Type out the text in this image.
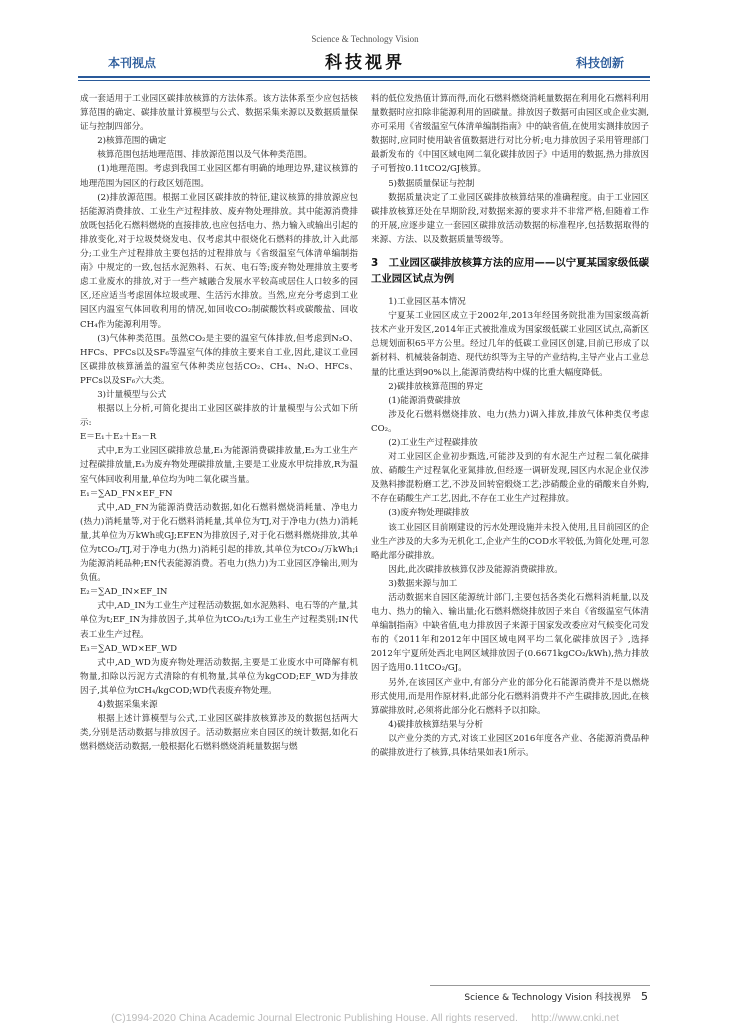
Science & Technology Vision
本刊视点	科技视界	科技创新

成一套适用于工业园区碳排放核算的方法体系。该方法体系至少应包括核算范围的确定、碳排放量计算模型与公式、数据采集来源以及数据质量保证与控制四部分。

2)核算范围的确定

核算范围包括地理范围、排放源范围以及气体种类范围。

(1)地理范围。考虑到我国工业园区都有明确的地理边界,建议核算的地理范围为园区的行政区划范围。

(2)排放源范围。根据工业园区碳排放的特征,建议核算的排放源应包括能源消费排放、工业生产过程排放、废弃物处理排放。其中能源消费排放既包括化石燃料燃烧的直接排放,也应包括电力、热力输入或输出引起的排放变化,对于垃圾焚烧发电、仅考虑其中很烧化石燃料的排放,计入此部分;工业生产过程排放主要包括的过程排放与《省级温室气体清单编制指南》中规定的一致,包括水泥熟料、石灰、电石等;废弃物处理排放主要考虑工业废水的排放,对于一些产城融合发展水平较高或居住人口较多的园区,还应适当考虑固体垃圾或理、生活污水排放。当然,应充分考虑到工业园区内温室气体回收利用的情况,如回收CO₂制碳酸饮料或碳酸盐、回收CH₄作为能源利用等。

(3)气体种类范围。虽然CO₂是主要的温室气体排放,但考虑到N₂O、HFCs、PFCs以及SF₆等温室气体的排放主要来自工业,因此,建议工业园区碳排放核算涵盖的温室气体种类应包括CO₂、CH₄、N₂O、HFCs、PFCs以及SF₆六大类。

3)计量模型与公式

根据以上分析,可简化提出工业园区碳排放的计量模型与公式如下所示:

E＝E₁＋E₂＋E₃－R

式中,E为工业园区碳排放总量,E₁为能源消费碳排放量,E₂为工业生产过程碳排放量,E₃为废弃物处理碳排放量,主要是工业废水甲烷排放,R为温室气体回收利用量,单位均为吨二氧化碳当量。

E₁＝∑AD_FN×EF_FN

式中,AD_FN为能源消费活动数据,如化石燃料燃烧消耗量、净电力(热力)消耗量等,对于化石燃料消耗量,其单位为TJ,对于净电力(热力)消耗量,其单位为万kWh或GJ;EFEN为排放因子,对于化石燃料燃烧排放,其单位为tCO₂/TJ,对于净电力(热力)消耗引起的排放,其单位为tCO₂/万kWh;i为能源消耗品种;EN代表能源消费。若电力(热力)为工业园区净输出,则为负值。

E₂＝∑AD_IN×EF_IN

式中,AD_IN为工业生产过程活动数据,如水泥熟料、电石等的产量,其单位为t;EF_IN为排放因子,其单位为tCO₂/t;i为工业生产过程类别;IN代表工业生产过程。

E₃＝∑AD_WD×EF_WD

式中,AD_WD为废弃物处理活动数据,主要是工业废水中可降解有机物量,扣除以污泥方式清除的有机物量,其单位为kgCOD;EF_WD为排放因子,其单位为tCH₄/kgCOD;WD代表废弃物处理。

4)数据采集来源

根据上述计算模型与公式,工业园区碳排放核算涉及的数据包括两大类,分别是活动数据与排放因子。活动数据应来自园区的统计数据,如化石燃料燃烧活动数据,一般根据化石燃料燃烧消耗量数据与燃

料的低位发热值计算而得,而化石燃料燃烧消耗量数据在利用化石燃料利用量数据时应扣除非能源利用的固碳量。排放因子数据可由园区或企业实测,亦可采用《省级温室气体清单编制指南》中的缺省值,在使用实测排放因子数据时,应同时使用缺省值数据进行对比分析;电力排放因子采用管理部门最新发布的《中国区域电网二氧化碳排放因子》中适用的数据,热力排放因子可暂按0.11tCO2/GJ核算。

5)数据质量保证与控制

数据质量决定了工业园区碳排放核算结果的准确程度。由于工业园区碳排放核算还处在早期阶段,对数据来源的要求并不非常严格,但随着工作的开展,应逐步建立一套园区碳排放活动数据的标准程序,包括数据取得的来源、方法、以及数据质量等级等。

3　工业园区碳排放核算方法的应用——以宁夏某国家级低碳工业园区试点为例

1)工业园区基本情况

宁夏某工业园区成立于2002年,2013年经国务院批准为国家级高新技术产业开发区,2014年正式被批准成为国家级低碳工业园区试点,高新区总规划面积65平方公里。经过几年的低碳工业园区创建,目前已形成了以新材料、机械装备制造、现代纺织等为主导的产业结构,主导产业占工业总量的比重达到90%以上,能源消费结构中煤的比重大幅度降低。

2)碳排放核算范围的界定

(1)能源消费碳排放

涉及化石燃料燃烧排放、电力(热力)调入排放,排放气体种类仅考虑CO₂。

(2)工业生产过程碳排放

对工业园区企业初步甄选,可能涉及到的有水泥生产过程二氧化碳排放、硝酸生产过程氧化亚氮排放,但经逐一调研发现,园区内水泥企业仅涉及熟料掺混粉磨工艺,不涉及回转窑煅烧工艺;涉硝酸企业的硝酸来自外购,不存在硝酸生产工艺,因此,不存在工业生产过程排放。

(3)废弃物处理碳排放

该工业园区目前刚建设的污水处理设施并未投入使用,且目前园区的企业生产涉及的大多为无机化工,企业产生的COD水平较低,为简化处理,可忽略此部分碳排放。

因此,此次碳排放核算仅涉及能源消费碳排放。

3)数据来源与加工

活动数据来自园区能源统计部门,主要包括各类化石燃料消耗量,以及电力、热力的输入、输出量;化石燃料燃烧排放因子来自《省级温室气体清单编制指南》中缺省值,电力排放因子来源于国家发改委应对气候变化司发布的《2011年和2012年中国区域电网平均二氧化碳排放因子》,选择2012年宁夏所处西北电网区域排放因子(0.6671kgCO₂/kWh),热力排放因子选用0.11tCO₂/GJ。

另外,在该园区产业中,有部分产业的部分化石能源消费并不是以燃烧形式使用,而是用作原材料,此部分化石燃料消费并不产生碳排放,因此,在核算碳排放时,必须将此部分化石燃料予以扣除。

4)碳排放核算结果与分析

以产业分类的方式,对该工业园区2016年度各产业、各能源消费品种的碳排放进行了核算,具体结果如表1所示。

Science & Technology Vision 科技视界 5
(C)1994-2020 China Academic Journal Electronic Publishing House. All rights reserved.　 http://www.cnki.net
